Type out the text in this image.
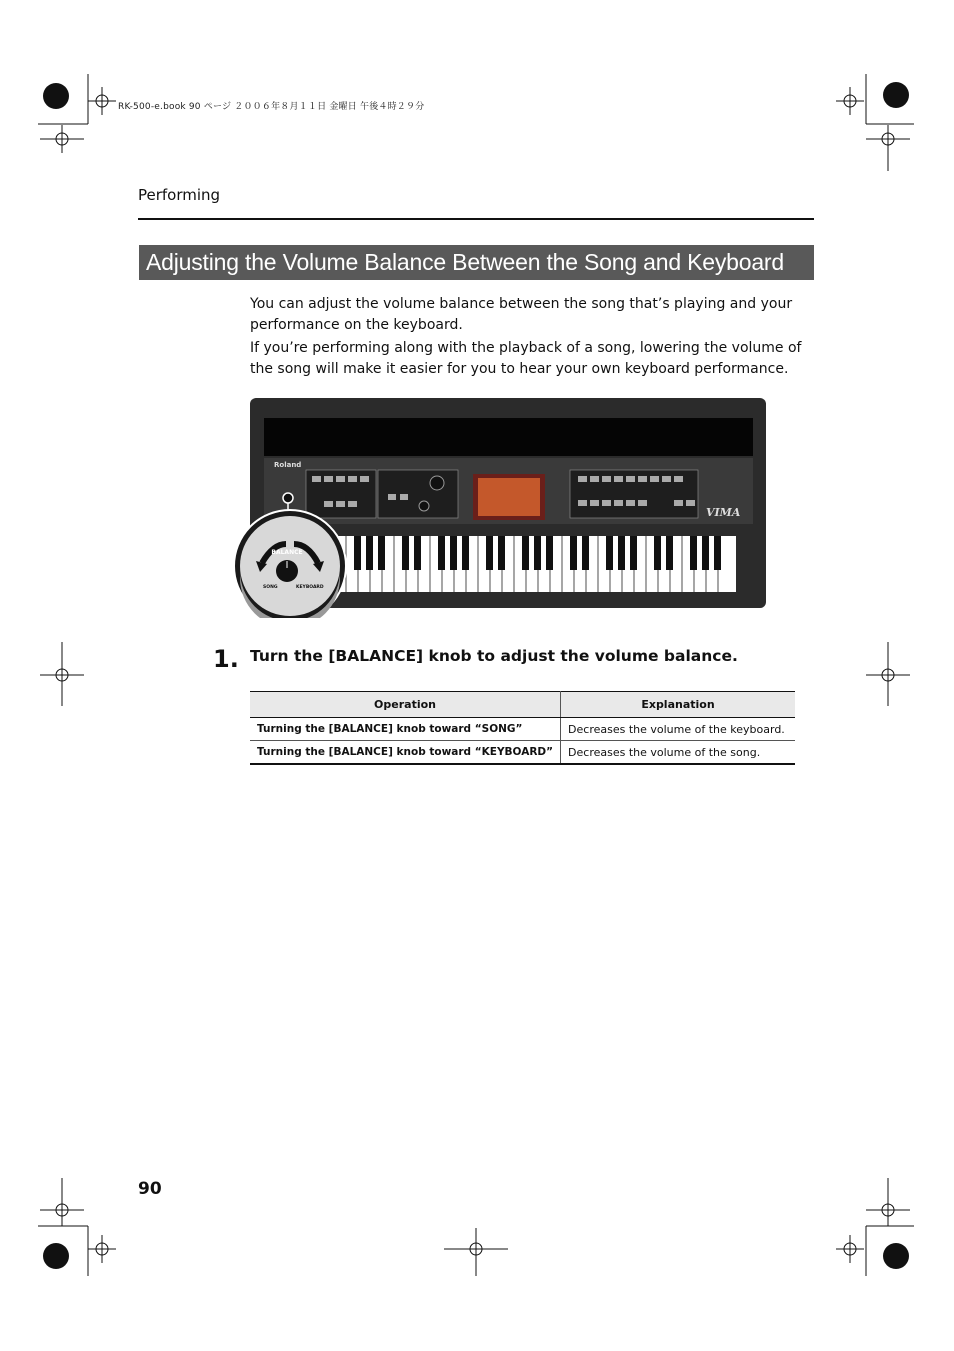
RK-500-e.book 90 ページ ２００６年８月１１日 金曜日 午後４時２９分
Performing
Adjusting the Volume Balance Between the Song and Keyboard
You can adjust the volume balance between the song that’s playing and your performance on the keyboard.
If you’re performing along with the playback of a song, lowering the volume of the song will make it easier for you to hear your own keyboard performance.
Roland
VIMA
BALANCE
SONG	KEYBOARD
1. Turn the [BALANCE] knob to adjust the volume balance.
Operation	Explanation
Turning the [BALANCE] knob toward “SONG”	Decreases the volume of the keyboard.
Turning the [BALANCE] knob toward “KEYBOARD”	Decreases the volume of the song.
90
